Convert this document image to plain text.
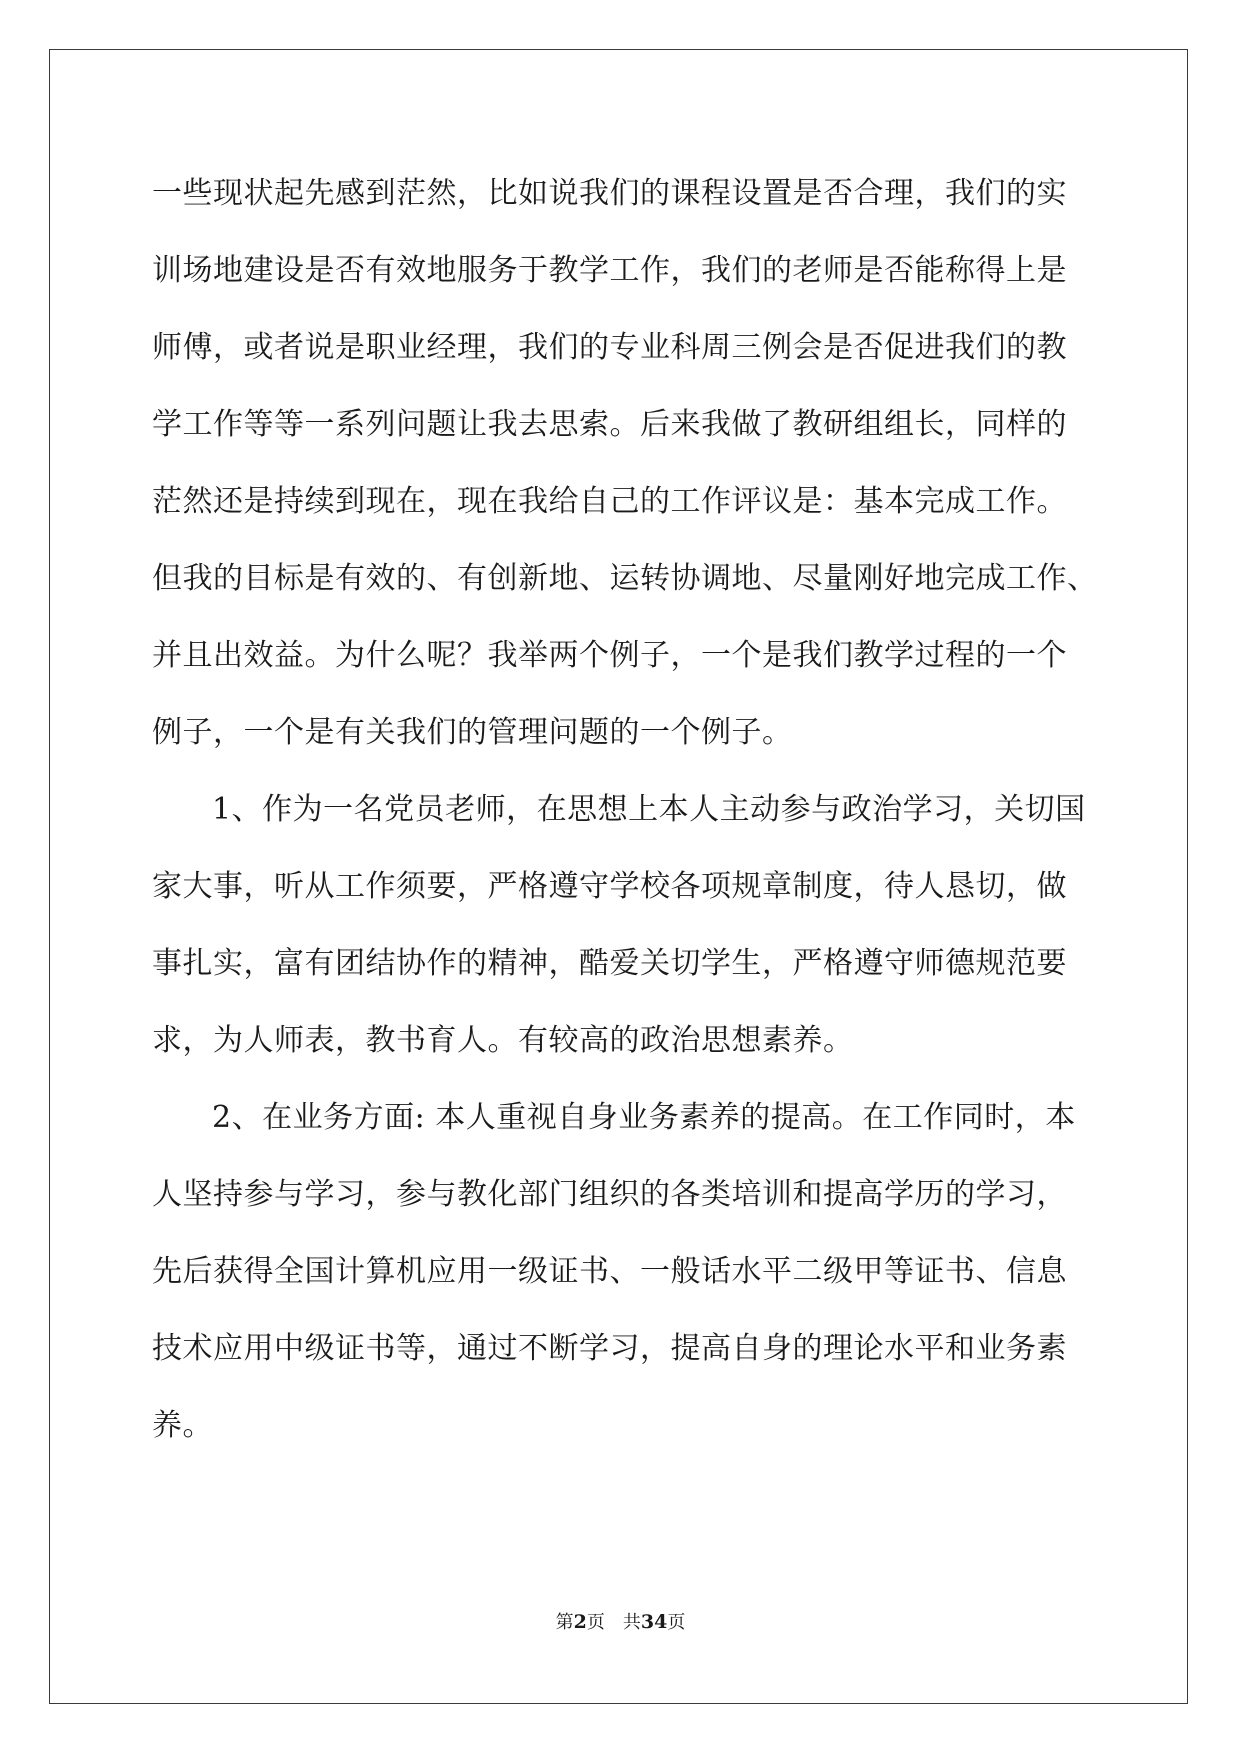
一些现状起先感到茫然，比如说我们的课程设置是否合理，我们的实
训场地建设是否有效地服务于教学工作，我们的老师是否能称得上是
师傅，或者说是职业经理，我们的专业科周三例会是否促进我们的教
学工作等等一系列问题让我去思索。后来我做了教研组组长，同样的
茫然还是持续到现在，现在我给自己的工作评议是：基本完成工作。
但我的目标是有效的、有创新地、运转协调地、尽量刚好地完成工作、
并且出效益。为什么呢？我举两个例子，一个是我们教学过程的一个
例子，一个是有关我们的管理问题的一个例子。
1、作为一名党员老师，在思想上本人主动参与政治学习，关切国
家大事，听从工作须要，严格遵守学校各项规章制度，待人恳切，做
事扎实，富有团结协作的精神，酷爱关切学生，严格遵守师德规范要
求，为人师表，教书育人。有较高的政治思想素养。
2、在业务方面: 本人重视自身业务素养的提高。在工作同时，本
人坚持参与学习，参与教化部门组织的各类培训和提高学历的学习，
先后获得全国计算机应用一级证书、一般话水平二级甲等证书、信息
技术应用中级证书等，通过不断学习，提高自身的理论水平和业务素
养。
第2页 共34页
